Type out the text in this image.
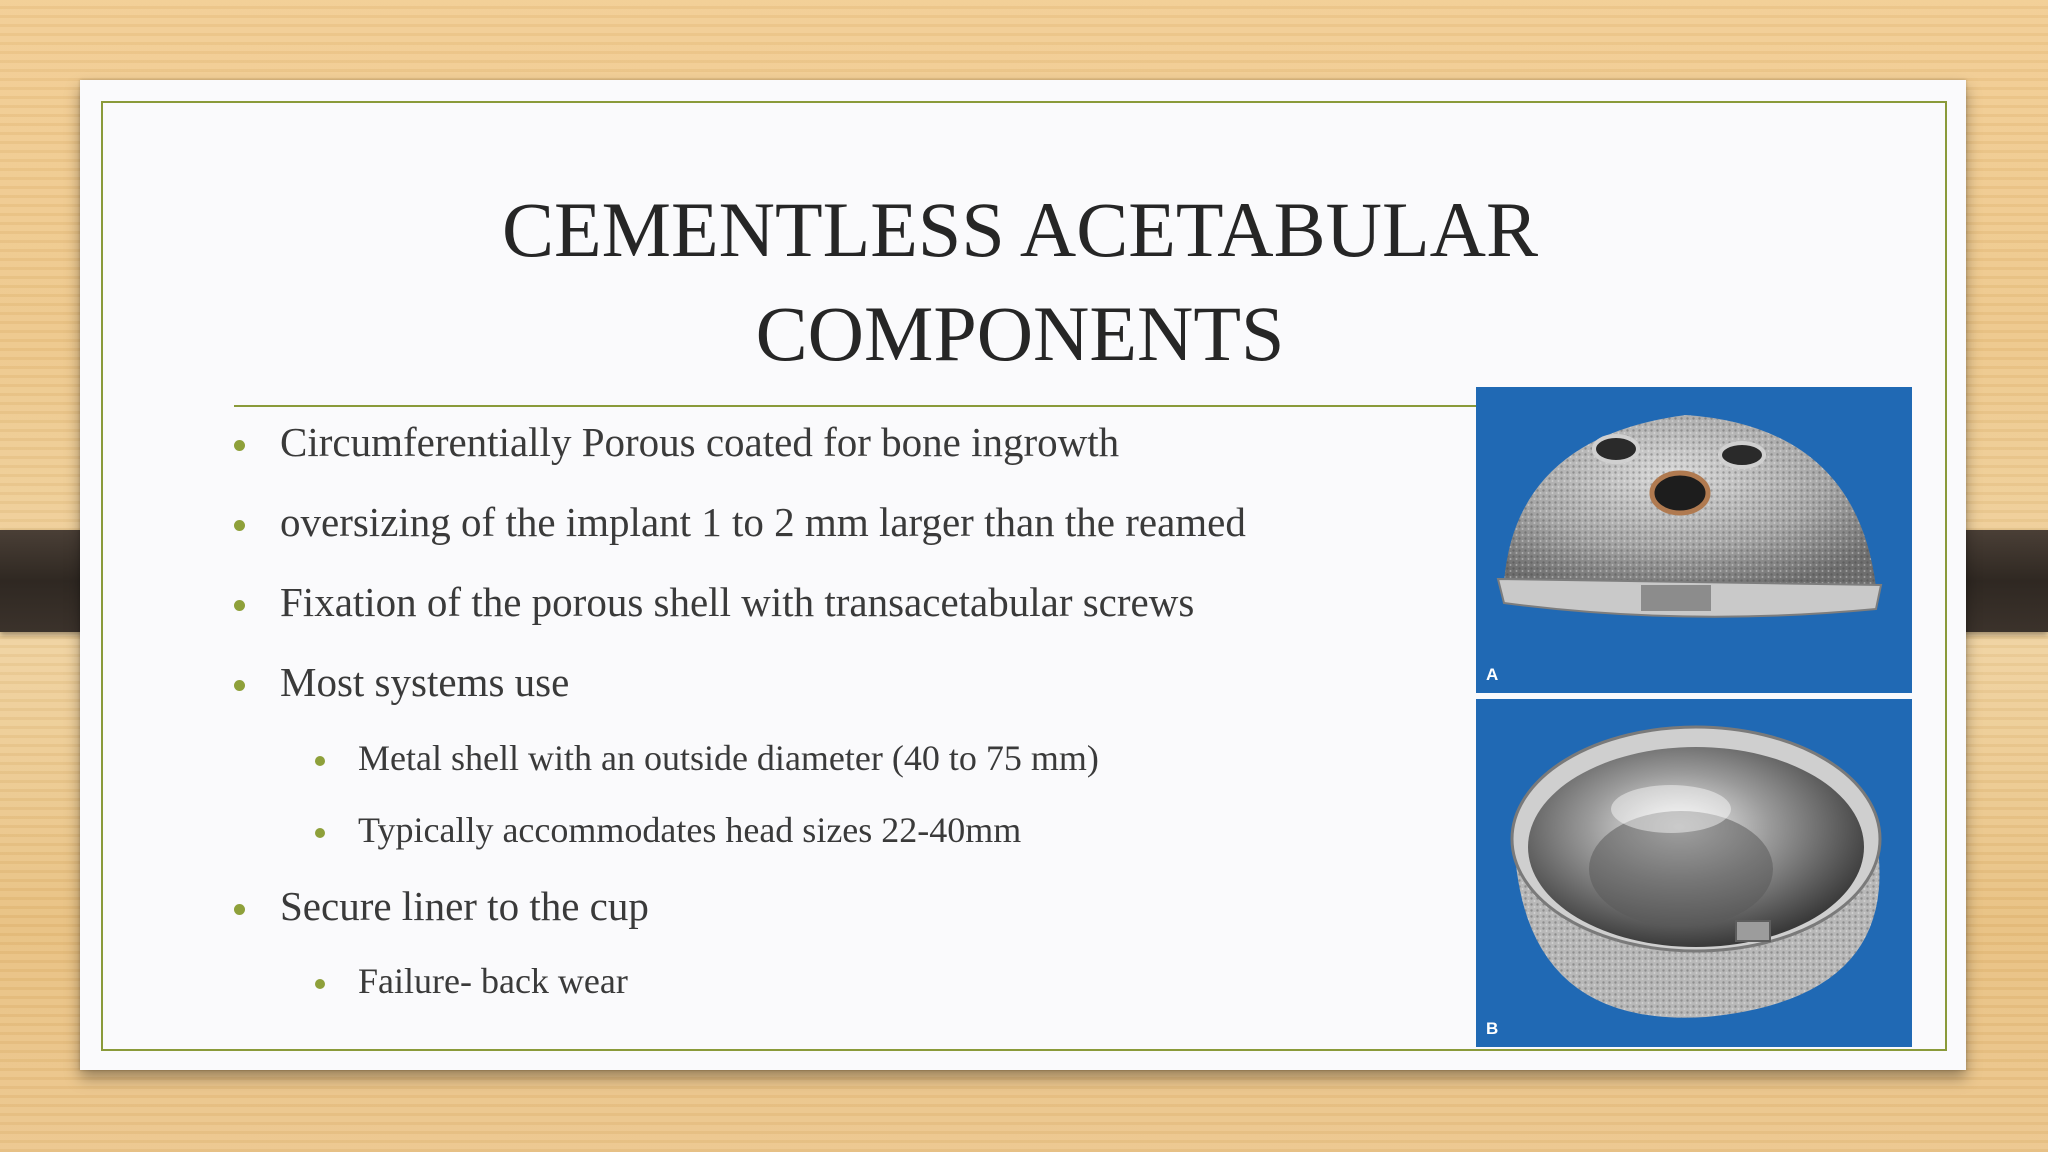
CEMENTLESS ACETABULAR
COMPONENTS
Circumferentially Porous coated for bone ingrowth
oversizing of the implant 1 to 2 mm larger than the reamed
Fixation of the porous shell with transacetabular screws
Most systems use
Metal shell with an outside diameter (40 to 75 mm)
Typically accommodates head sizes 22-40mm
Secure liner to the cup
Failure- back wear
A
B
